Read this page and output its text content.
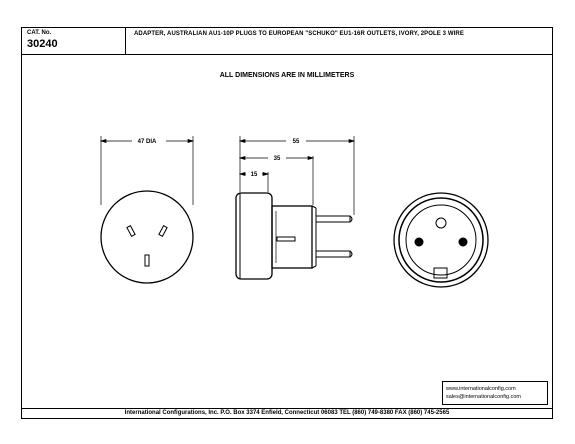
CAT. No.
30240
ADAPTER, AUSTRALIAN AU1-10P PLUGS TO EUROPEAN "SCHUKO" EU1-16R OUTLETS, IVORY, 2POLE 3 WIRE
ALL DIMENSIONS ARE IN MILLIMETERS
International Configurations, Inc. P.O. Box 3374 Enfield, Connecticut 06083 TEL (860) 749-8380 FAX (860) 745-2565
www.internationalconfig.com
sales@internationalconfig.com
47 DIA	55
35
15
